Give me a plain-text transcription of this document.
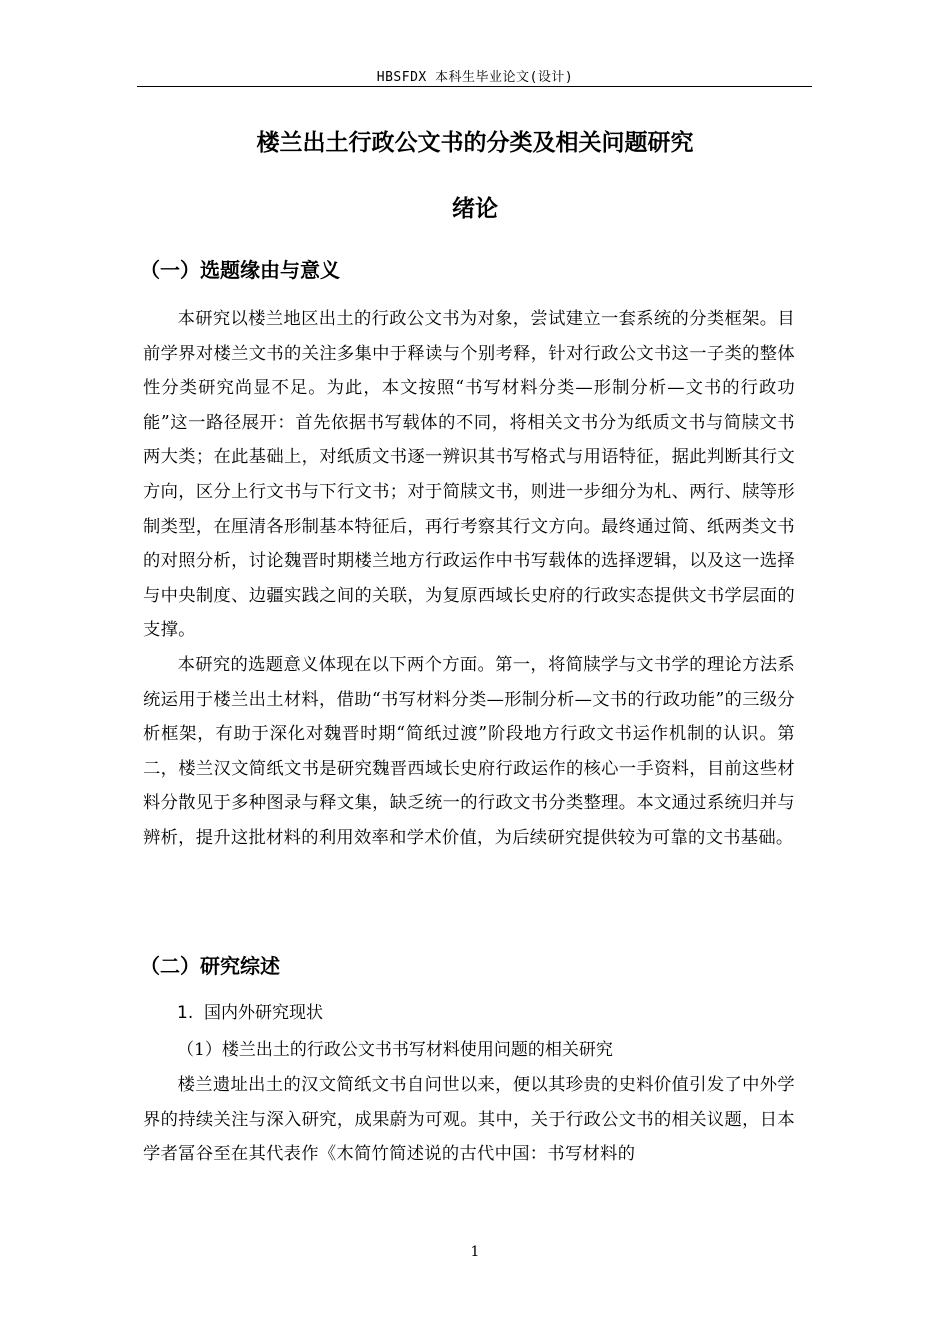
HBSFDX 本科生毕业论文(设计)
楼兰出土行政公文书的分类及相关问题研究
绪论
（一）选题缘由与意义

本研究以楼兰地区出土的行政公文书为对象，尝试建立一套系统的分类框架。目前学界对楼兰文书的关注多集中于释读与个别考释，针对行政公文书这一子类的整体性分类研究尚显不足。为此，本文按照“书写材料分类—形制分析—文书的行政功能”这一路径展开：首先依据书写载体的不同，将相关文书分为纸质文书与简牍文书两大类；在此基础上，对纸质文书逐一辨识其书写格式与用语特征，据此判断其行文方向，区分上行文书与下行文书；对于简牍文书，则进一步细分为札、两行、牍等形制类型，在厘清各形制基本特征后，再行考察其行文方向。最终通过简、纸两类文书的对照分析，讨论魏晋时期楼兰地方行政运作中书写载体的选择逻辑，以及这一选择与中央制度、边疆实践之间的关联，为复原西域长史府的行政实态提供文书学层面的支撑。

本研究的选题意义体现在以下两个方面。第一，将简牍学与文书学的理论方法系统运用于楼兰出土材料，借助“书写材料分类—形制分析—文书的行政功能”的三级分析框架，有助于深化对魏晋时期“简纸过渡”阶段地方行政文书运作机制的认识。第二，楼兰汉文简纸文书是研究魏晋西域长史府行政运作的核心一手资料，目前这些材料分散见于多种图录与释文集，缺乏统一的行政文书分类整理。本文通过系统归并与辨析，提升这批材料的利用效率和学术价值，为后续研究提供较为可靠的文书基础。

（二）研究综述
1.  国内外研究现状
（1）楼兰出土的行政公文书书写材料使用问题的相关研究

楼兰遗址出土的汉文简纸文书自问世以来，便以其珍贵的史料价值引发了中外学界的持续关注与深入研究，成果蔚为可观。其中，关于行政公文书的相关议题，日本学者冨谷至在其代表作《木简竹简述说的古代中国：书写材料的

1
